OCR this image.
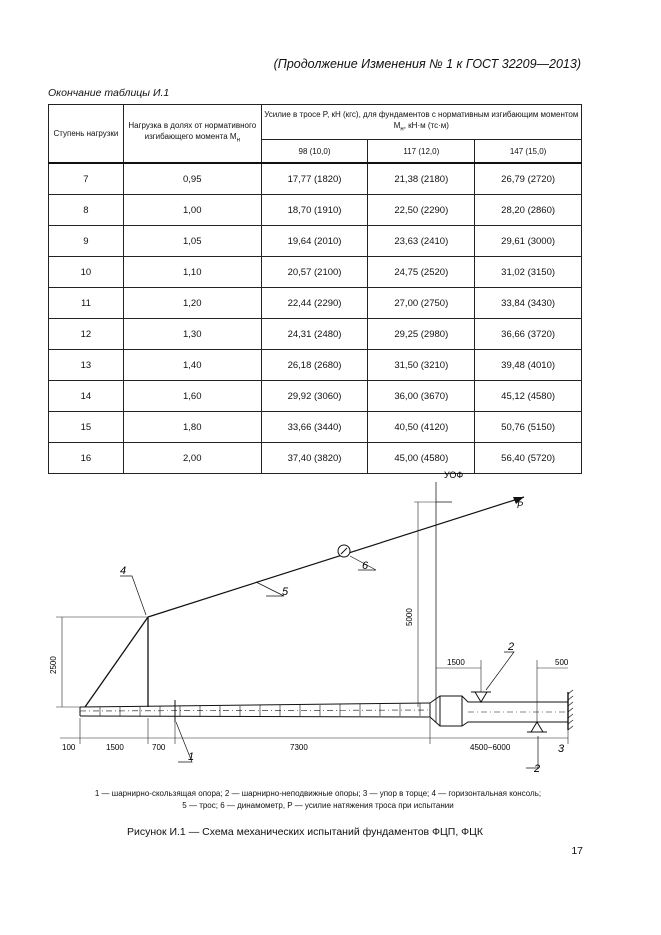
(Продолжение Изменения № 1 к ГОСТ 32209—2013)
Окончание таблицы И.1
Ступень нагрузки	Нагрузка в долях от нормативного изгибающего момента $M_н$	Усилие в тросе P, кН (кгс), для фундаментов с нормативным изгибающим моментом $M_н$, кН·м (тс·м)		
		98 (10,0)	117 (12,0)	147 (15,0)
7	0,95	17,77 (1820)	21,38 (2180)	26,79 (2720)
8	1,00	18,70 (1910)	22,50 (2290)	28,20 (2860)
9	1,05	19,64 (2010)	23,63 (2410)	29,61 (3000)
10	1,10	20,57 (2100)	24,75 (2520)	31,02 (3150)
11	1,20	22,44 (2290)	27,00 (2750)	33,84 (3430)
12	1,30	24,31 (2480)	29,25 (2980)	36,66 (3720)
13	1,40	26,18 (2680)	31,50 (3210)	39,48 (4010)
14	1,60	29,92 (3060)	36,00 (3670)	45,12 (4580)
15	1,80	33,66 (3440)	40,50 (4120)	50,76 (5150)
16	2,00	37,40 (3820)	45,00 (4580)	56,40 (5720)
УОФ
P
4
5
6
2
2
1
3
2500
5000
1500	500
100	1500	700	7300	4500−6000
1 — шарнирно-скользящая опора; 2 — шарнирно-неподвижные опоры; 3 — упор в торце; 4 — горизонтальная консоль;
5 — трос; 6 — динамометр, P — усилие натяжения троса при испытании
Рисунок И.1 — Схема механических испытаний фундаментов ФЦП, ФЦК
17
